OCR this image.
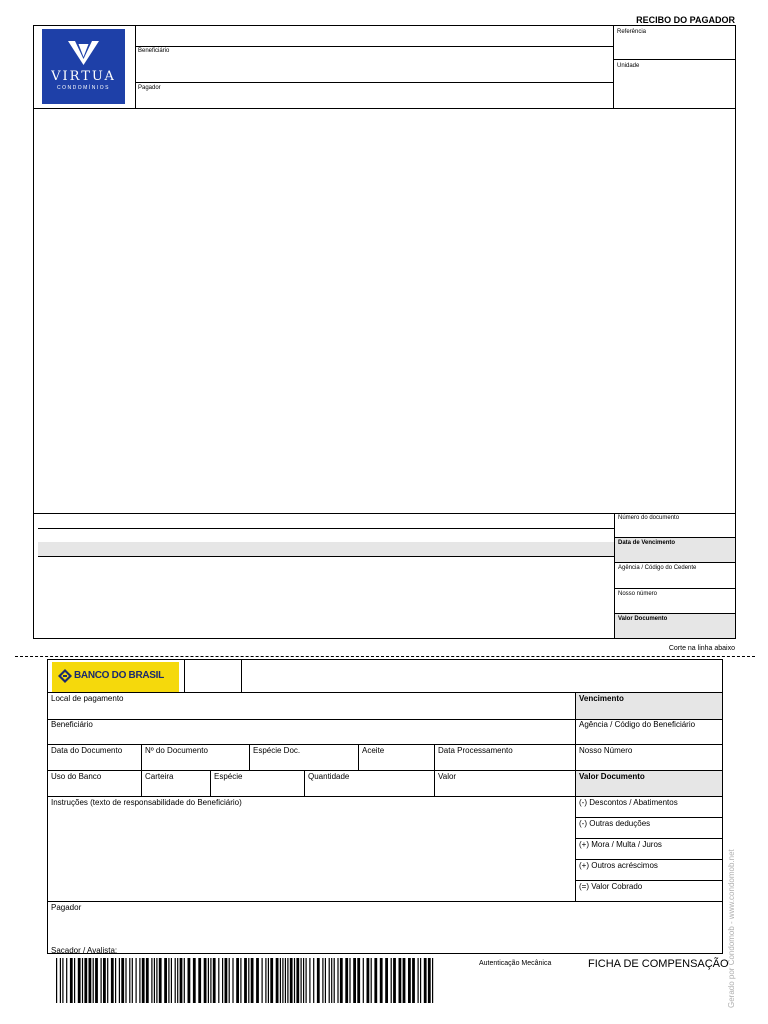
RECIBO DO PAGADOR
VIRTUA
CONDOMÍNIOS
Beneficiário
Pagador
Referência
Unidade
Número do documento
Data de Vencimento
Agência / Código do Cedente
Nosso número
Valor Documento
Corte na linha abaixo
BANCO DO BRASIL
Local de pagamento	Vencimento
Beneficiário	Agência / Código do Beneficiário
Data do Documento	Nº do Documento	Espécie Doc.	Aceite	Data Processamento	Nosso Número
Uso do Banco	Carteira	Espécie	Quantidade	Valor	Valor Documento
Instruções (texto de responsabilidade do Beneficiário)	(-) Descontos / Abatimentos
(-) Outras deduções
(+) Mora / Multa / Juros
(+) Outros acréscimos
(=) Valor Cobrado
Pagador
Sacador / Avalista:
Autenticação Mecânica	FICHA DE COMPENSAÇÃO
Gerado por Condomob - www.condomob.net
